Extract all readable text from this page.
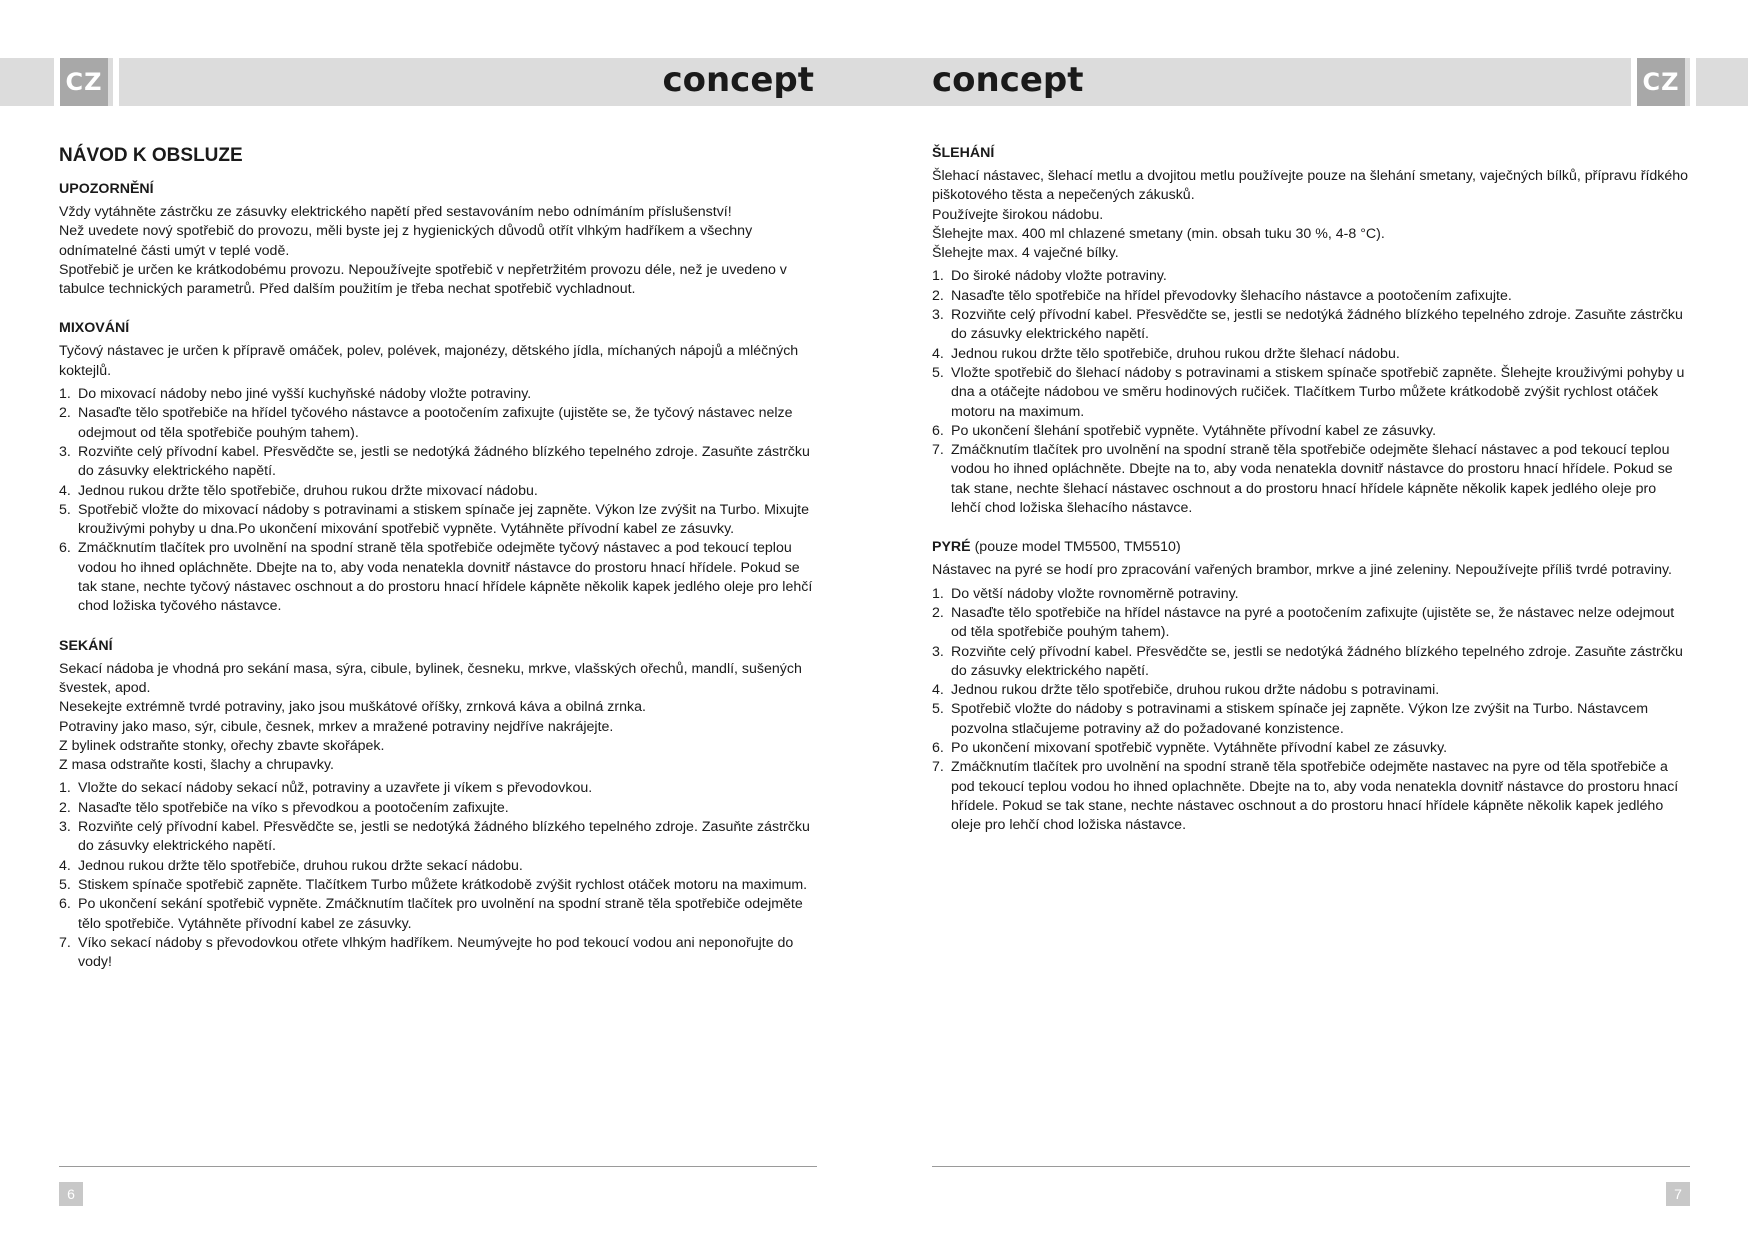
CZ	concept
NÁVOD K OBSLUZE
UPOZORNĚNÍ

Vždy vytáhněte zástrčku ze zásuvky elektrického napětí před sestavováním nebo odnímáním příslušenství!

Než uvedete nový spotřebič do provozu, měli byste jej z hygienických důvodů otřít vlhkým hadříkem a všechny odnímatelné části umýt v teplé vodě.

Spotřebič je určen ke krátkodobému provozu. Nepoužívejte spotřebič v nepřetržitém provozu déle, než je uvedeno v tabulce technických parametrů. Před dalším použitím je třeba nechat spotřebič vychladnout.

MIXOVÁNÍ

Tyčový nástavec je určen k přípravě omáček, polev, polévek, majonézy, dětského jídla, míchaných nápojů a mléčných koktejlů.

1. Do mixovací nádoby nebo jiné vyšší kuchyňské nádoby vložte potraviny.
2. Nasaďte tělo spotřebiče na hřídel tyčového nástavce a pootočením zafixujte (ujistěte se, že tyčový nástavec nelze odejmout od těla spotřebiče pouhým tahem).
3. Rozviňte celý přívodní kabel. Přesvědčte se, jestli se nedotýká žádného blízkého tepelného zdroje. Zasuňte zástrčku do zásuvky elektrického napětí.
4. Jednou rukou držte tělo spotřebiče, druhou rukou držte mixovací nádobu.
5. Spotřebič vložte do mixovací nádoby s potravinami a stiskem spínače jej zapněte. Výkon lze zvýšit na Turbo. Mixujte krouživými pohyby u dna.Po ukončení mixování spotřebič vypněte. Vytáhněte přívodní kabel ze zásuvky.
6. Zmáčknutím tlačítek pro uvolnění na spodní straně těla spotřebiče odejměte tyčový nástavec a pod tekoucí teplou vodou ho ihned opláchněte. Dbejte na to, aby voda nenatekla dovnitř nástavce do prostoru hnací hřídele. Pokud se tak stane, nechte tyčový nástavec oschnout a do prostoru hnací hřídele kápněte několik kapek jedlého oleje pro lehčí chod ložiska tyčového nástavce.
SEKÁNÍ

Sekací nádoba je vhodná pro sekání masa, sýra, cibule, bylinek, česneku, mrkve, vlašských ořechů, mandlí, sušených švestek, apod.

Nesekejte extrémně tvrdé potraviny, jako jsou muškátové oříšky, zrnková káva a obilná zrnka.

Potraviny jako maso, sýr, cibule, česnek, mrkev a mražené potraviny nejdříve nakrájejte.

Z bylinek odstraňte stonky, ořechy zbavte skořápek.

Z masa odstraňte kosti, šlachy a chrupavky.

1. Vložte do sekací nádoby sekací nůž, potraviny a uzavřete ji víkem s převodovkou.
2. Nasaďte tělo spotřebiče na víko s převodkou a pootočením zafixujte.
3. Rozviňte celý přívodní kabel. Přesvědčte se, jestli se nedotýká žádného blízkého tepelného zdroje. Zasuňte zástrčku do zásuvky elektrického napětí.
4. Jednou rukou držte tělo spotřebiče, druhou rukou držte sekací nádobu.
5. Stiskem spínače spotřebič zapněte. Tlačítkem Turbo můžete krátkodobě zvýšit rychlost otáček motoru na maximum.
6. Po ukončení sekání spotřebič vypněte. Zmáčknutím tlačítek pro uvolnění na spodní straně těla spotřebiče odejměte tělo spotřebiče. Vytáhněte přívodní kabel ze zásuvky.
7. Víko sekací nádoby s převodovkou otřete vlhkým hadříkem. Neumývejte ho pod tekoucí vodou ani neponořujte do vody!
6
CZ
concept
ŠLEHÁNÍ

Šlehací nástavec, šlehací metlu a dvojitou metlu používejte pouze na šlehání smetany, vaječných bílků, přípravu řídkého piškotového těsta a nepečených zákusků.

Používejte širokou nádobu.

Šlehejte max. 400 ml chlazené smetany (min. obsah tuku 30 %, 4-8 °C).

Šlehejte max. 4 vaječné bílky.

1. Do široké nádoby vložte potraviny.
2. Nasaďte tělo spotřebiče na hřídel převodovky šlehacího nástavce a pootočením zafixujte.
3. Rozviňte celý přívodní kabel. Přesvědčte se, jestli se nedotýká žádného blízkého tepelného zdroje. Zasuňte zástrčku do zásuvky elektrického napětí.
4. Jednou rukou držte tělo spotřebiče, druhou rukou držte šlehací nádobu.
5. Vložte spotřebič do šlehací nádoby s potravinami a stiskem spínače spotřebič zapněte. Šlehejte krouživými pohyby u dna a otáčejte nádobou ve směru hodinových ručiček. Tlačítkem Turbo můžete krátkodobě zvýšit rychlost otáček motoru na maximum.
6. Po ukončení šlehání spotřebič vypněte. Vytáhněte přívodní kabel ze zásuvky.
7. Zmáčknutím tlačítek pro uvolnění na spodní straně těla spotřebiče odejměte šlehací nástavec a pod tekoucí teplou vodou ho ihned opláchněte. Dbejte na to, aby voda nenatekla dovnitř nástavce do prostoru hnací hřídele. Pokud se tak stane, nechte šlehací nástavec oschnout a do prostoru hnací hřídele kápněte několik kapek jedlého oleje pro lehčí chod ložiska šlehacího nástavce.
PYRÉ (pouze model TM5500, TM5510)

Nástavec na pyré se hodí pro zpracování vařených brambor, mrkve a jiné zeleniny. Nepoužívejte příliš tvrdé potraviny.

1. Do větší nádoby vložte rovnoměrně potraviny.
2. Nasaďte tělo spotřebiče na hřídel nástavce na pyré a pootočením zafixujte (ujistěte se, že nástavec nelze odejmout od těla spotřebiče pouhým tahem).
3. Rozviňte celý přívodní kabel. Přesvědčte se, jestli se nedotýká žádného blízkého tepelného zdroje. Zasuňte zástrčku do zásuvky elektrického napětí.
4. Jednou rukou držte tělo spotřebiče, druhou rukou držte nádobu s potravinami.
5. Spotřebič vložte do nádoby s potravinami a stiskem spínače jej zapněte. Výkon lze zvýšit na Turbo. Nástavcem pozvolna stlačujeme potraviny až do požadované konzistence.
6. Po ukončení mixovaní spotřebič vypněte. Vytáhněte přívodní kabel ze zásuvky.
7. Zmáčknutím tlačítek pro uvolnění na spodní straně těla spotřebiče odejměte nastavec na pyre od těla spotřebiče a pod tekoucí teplou vodou ho ihned oplachněte. Dbejte na to, aby voda nenatekla dovnitř nástavce do prostoru hnací hřídele. Pokud se tak stane, nechte nástavec oschnout a do prostoru hnací hřídele kápněte několik kapek jedlého oleje pro lehčí chod ložiska nástavce.
7
